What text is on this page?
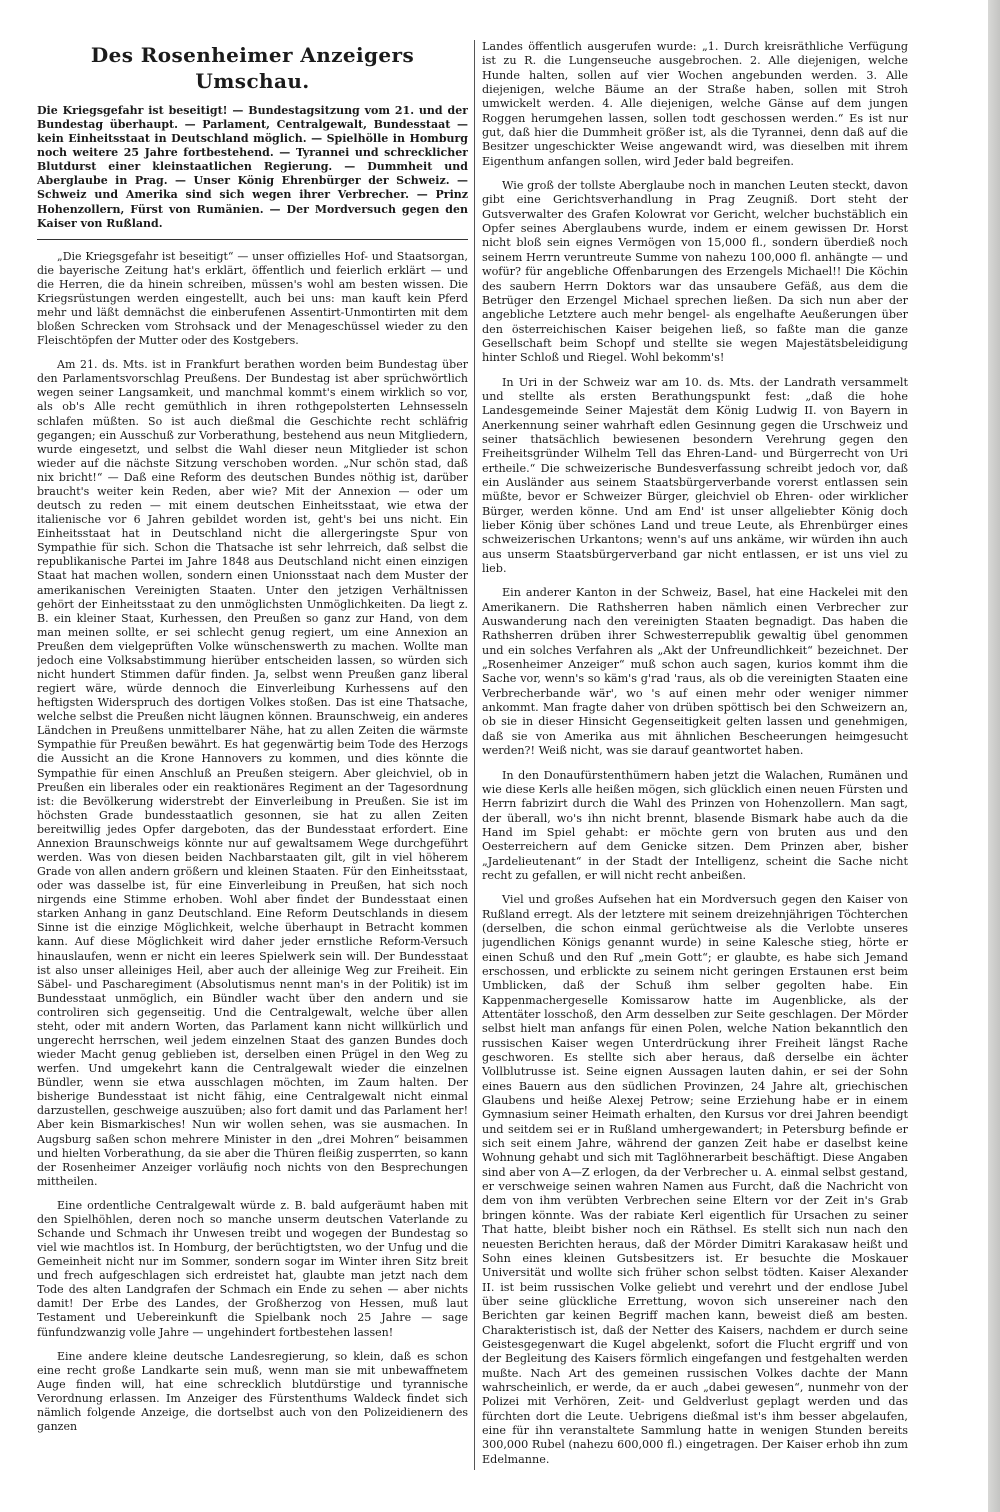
Des Rosenheimer Anzeigers Umschau.
Die Kriegsgefahr ist beseitigt! — Bundestagsitzung vom 21. und der Bundestag überhaupt. — Parlament, Centralgewalt, Bundesstaat — kein Einheitsstaat in Deutschland möglich. — Spielhölle in Homburg noch weitere 25 Jahre fortbestehend. — Tyrannei und schrecklicher Blutdurst einer kleinstaatlichen Regierung. — Dummheit und Aberglaube in Prag. — Unser König Ehrenbürger der Schweiz. — Schweiz und Amerika sind sich wegen ihrer Verbrecher. — Prinz Hohenzollern, Fürst von Rumänien. — Der Mordversuch gegen den Kaiser von Rußland.

„Die Kriegsgefahr ist beseitigt“ — unser offizielles Hof- und Staatsorgan, die bayerische Zeitung hat's erklärt, öffentlich und feierlich erklärt — und die Herren, die da hinein schreiben, müssen's wohl am besten wissen. Die Kriegsrüstungen werden eingestellt, auch bei uns: man kauft kein Pferd mehr und läßt demnächst die einberufenen Assentirt-Unmontirten mit dem bloßen Schrecken vom Strohsack und der Menageschüssel wieder zu den Fleischtöpfen der Mutter oder des Kostgebers.

Am 21. ds. Mts. ist in Frankfurt berathen worden beim Bundestag über den Parlamentsvorschlag Preußens. Der Bundestag ist aber sprüchwörtlich wegen seiner Langsamkeit, und manchmal kommt's einem wirklich so vor, als ob's Alle recht gemüthlich in ihren rothgepolsterten Lehnsesseln schlafen müßten. So ist auch dießmal die Geschichte recht schläfrig gegangen; ein Ausschuß zur Vorberathung, bestehend aus neun Mitgliedern, wurde eingesetzt, und selbst die Wahl dieser neun Mitglieder ist schon wieder auf die nächste Sitzung verschoben worden. „Nur schön stad, daß nix bricht!“ — Daß eine Reform des deutschen Bundes nöthig ist, darüber braucht's weiter kein Reden, aber wie? Mit der Annexion — oder um deutsch zu reden — mit einem deutschen Einheitsstaat, wie etwa der italienische vor 6 Jahren gebildet worden ist, geht's bei uns nicht. Ein Einheitsstaat hat in Deutschland nicht die allergeringste Spur von Sympathie für sich. Schon die Thatsache ist sehr lehrreich, daß selbst die republikanische Partei im Jahre 1848 aus Deutschland nicht einen einzigen Staat hat machen wollen, sondern einen Unionsstaat nach dem Muster der amerikanischen Vereinigten Staaten. Unter den jetzigen Verhältnissen gehört der Einheitsstaat zu den unmöglichsten Unmöglichkeiten. Da liegt z. B. ein kleiner Staat, Kurhessen, den Preußen so ganz zur Hand, von dem man meinen sollte, er sei schlecht genug regiert, um eine Annexion an Preußen dem vielgeprüften Volke wünschenswerth zu machen. Wollte man jedoch eine Volksabstimmung hierüber entscheiden lassen, so würden sich nicht hundert Stimmen dafür finden. Ja, selbst wenn Preußen ganz liberal regiert wäre, würde dennoch die Einverleibung Kurhessens auf den heftigsten Widerspruch des dortigen Volkes stoßen. Das ist eine Thatsache, welche selbst die Preußen nicht läugnen können. Braunschweig, ein anderes Ländchen in Preußens unmittelbarer Nähe, hat zu allen Zeiten die wärmste Sympathie für Preußen bewährt. Es hat gegenwärtig beim Tode des Herzogs die Aussicht an die Krone Hannovers zu kommen, und dies könnte die Sympathie für einen Anschluß an Preußen steigern. Aber gleichviel, ob in Preußen ein liberales oder ein reaktionäres Regiment an der Tagesordnung ist: die Bevölkerung widerstrebt der Einverleibung in Preußen. Sie ist im höchsten Grade bundesstaatlich gesonnen, sie hat zu allen Zeiten bereitwillig jedes Opfer dargeboten, das der Bundesstaat erfordert. Eine Annexion Braunschweigs könnte nur auf gewaltsamem Wege durchgeführt werden. Was von diesen beiden Nachbarstaaten gilt, gilt in viel höherem Grade von allen andern größern und kleinen Staaten. Für den Einheitsstaat, oder was dasselbe ist, für eine Einverleibung in Preußen, hat sich noch nirgends eine Stimme erhoben. Wohl aber findet der Bundesstaat einen starken Anhang in ganz Deutschland. Eine Reform Deutschlands in diesem Sinne ist die einzige Möglichkeit, welche überhaupt in Betracht kommen kann. Auf diese Möglichkeit wird daher jeder ernstliche Reform-Versuch hinauslaufen, wenn er nicht ein leeres Spielwerk sein will. Der Bundesstaat ist also unser alleiniges Heil, aber auch der alleinige Weg zur Freiheit. Ein Säbel- und Pascharegiment (Absolutismus nennt man's in der Politik) ist im Bundesstaat unmöglich, ein Bündler wacht über den andern und sie controliren sich gegenseitig. Und die Centralgewalt, welche über allen steht, oder mit andern Worten, das Parlament kann nicht willkürlich und ungerecht herrschen, weil jedem einzelnen Staat des ganzen Bundes doch wieder Macht genug geblieben ist, derselben einen Prügel in den Weg zu werfen. Und umgekehrt kann die Centralgewalt wieder die einzelnen Bündler, wenn sie etwa ausschlagen möchten, im Zaum halten. Der bisherige Bundesstaat ist nicht fähig, eine Centralgewalt nicht einmal darzustellen, geschweige auszuüben; also fort damit und das Parlament her! Aber kein Bismarkisches! Nun wir wollen sehen, was sie ausmachen. In Augsburg saßen schon mehrere Minister in den „drei Mohren“ beisammen und hielten Vorberathung, da sie aber die Thüren fleißig zusperrten, so kann der Rosenheimer Anzeiger vorläufig noch nichts von den Besprechungen mittheilen.

Eine ordentliche Centralgewalt würde z. B. bald aufgeräumt haben mit den Spielhöhlen, deren noch so manche unserm deutschen Vaterlande zu Schande und Schmach ihr Unwesen treibt und wogegen der Bundestag so viel wie machtlos ist. In Homburg, der berüchtigtsten, wo der Unfug und die Gemeinheit nicht nur im Sommer, sondern sogar im Winter ihren Sitz breit und frech aufgeschlagen sich erdreistet hat, glaubte man jetzt nach dem Tode des alten Landgrafen der Schmach ein Ende zu sehen — aber nichts damit! Der Erbe des Landes, der Großherzog von Hessen, muß laut Testament und Uebereinkunft die Spielbank noch 25 Jahre — sage fünfundzwanzig volle Jahre — ungehindert fortbestehen lassen!

Eine andere kleine deutsche Landesregierung, so klein, daß es schon eine recht große Landkarte sein muß, wenn man sie mit unbewaffnetem Auge finden will, hat eine schrecklich blutdürstige und tyrannische Verordnung erlassen. Im Anzeiger des Fürstenthums Waldeck findet sich nämlich folgende Anzeige, die dortselbst auch von den Polizeidienern des ganzen

Landes öffentlich ausgerufen wurde: „1. Durch kreisräthliche Verfügung ist zu R. die Lungenseuche ausgebrochen. 2. Alle diejenigen, welche Hunde halten, sollen auf vier Wochen angebunden werden. 3. Alle diejenigen, welche Bäume an der Straße haben, sollen mit Stroh umwickelt werden. 4. Alle diejenigen, welche Gänse auf dem jungen Roggen herumgehen lassen, sollen todt geschossen werden.“ Es ist nur gut, daß hier die Dummheit größer ist, als die Tyrannei, denn daß auf die Besitzer ungeschickter Weise angewandt wird, was dieselben mit ihrem Eigenthum anfangen sollen, wird Jeder bald begreifen.

Wie groß der tollste Aberglaube noch in manchen Leuten steckt, davon gibt eine Gerichtsverhandlung in Prag Zeugniß. Dort steht der Gutsverwalter des Grafen Kolowrat vor Gericht, welcher buchstäblich ein Opfer seines Aberglaubens wurde, indem er einem gewissen Dr. Horst nicht bloß sein eignes Vermögen von 15,000 fl., sondern überdieß noch seinem Herrn veruntreute Summe von nahezu 100,000 fl. anhängte — und wofür? für angebliche Offenbarungen des Erzengels Michael!! Die Köchin des saubern Herrn Doktors war das unsaubere Gefäß, aus dem die Betrüger den Erzengel Michael sprechen ließen. Da sich nun aber der angebliche Letztere auch mehr bengel- als engelhafte Aeußerungen über den österreichischen Kaiser beigehen ließ, so faßte man die ganze Gesellschaft beim Schopf und stellte sie wegen Majestätsbeleidigung hinter Schloß und Riegel. Wohl bekomm's!

In Uri in der Schweiz war am 10. ds. Mts. der Landrath versammelt und stellte als ersten Berathungspunkt fest: „daß die hohe Landesgemeinde Seiner Majestät dem König Ludwig II. von Bayern in Anerkennung seiner wahrhaft edlen Gesinnung gegen die Urschweiz und seiner thatsächlich bewiesenen besondern Verehrung gegen den Freiheitsgründer Wilhelm Tell das Ehren-Land- und Bürgerrecht von Uri ertheile.“ Die schweizerische Bundesverfassung schreibt jedoch vor, daß ein Ausländer aus seinem Staatsbürgerverbande vorerst entlassen sein müßte, bevor er Schweizer Bürger, gleichviel ob Ehren- oder wirklicher Bürger, werden könne. Und am End' ist unser allgeliebter König doch lieber König über schönes Land und treue Leute, als Ehrenbürger eines schweizerischen Urkantons; wenn's auf uns ankäme, wir würden ihn auch aus unserm Staatsbürgerverband gar nicht entlassen, er ist uns viel zu lieb.

Ein anderer Kanton in der Schweiz, Basel, hat eine Hackelei mit den Amerikanern. Die Rathsherren haben nämlich einen Verbrecher zur Auswanderung nach den vereinigten Staaten begnadigt. Das haben die Rathsherren drüben ihrer Schwesterrepublik gewaltig übel genommen und ein solches Verfahren als „Akt der Unfreundlichkeit“ bezeichnet. Der „Rosenheimer Anzeiger“ muß schon auch sagen, kurios kommt ihm die Sache vor, wenn's so käm's g'rad 'raus, als ob die vereinigten Staaten eine Verbrecherbande wär', wo 's auf einen mehr oder weniger nimmer ankommt. Man fragte daher von drüben spöttisch bei den Schweizern an, ob sie in dieser Hinsicht Gegenseitigkeit gelten lassen und genehmigen, daß sie von Amerika aus mit ähnlichen Bescheerungen heimgesucht werden?! Weiß nicht, was sie darauf geantwortet haben.

In den Donaufürstenthümern haben jetzt die Walachen, Rumänen und wie diese Kerls alle heißen mögen, sich glücklich einen neuen Fürsten und Herrn fabrizirt durch die Wahl des Prinzen von Hohenzollern. Man sagt, der überall, wo's ihn nicht brennt, blasende Bismark habe auch da die Hand im Spiel gehabt: er möchte gern von bruten aus und den Oesterreichern auf dem Genicke sitzen. Dem Prinzen aber, bisher „Jardelieutenant“ in der Stadt der Intelligenz, scheint die Sache nicht recht zu gefallen, er will nicht recht anbeißen.

Viel und großes Aufsehen hat ein Mordversuch gegen den Kaiser von Rußland erregt. Als der letztere mit seinem dreizehnjährigen Töchterchen (derselben, die schon einmal gerüchtweise als die Verlobte unseres jugendlichen Königs genannt wurde) in seine Kalesche stieg, hörte er einen Schuß und den Ruf „mein Gott“; er glaubte, es habe sich Jemand erschossen, und erblickte zu seinem nicht geringen Erstaunen erst beim Umblicken, daß der Schuß ihm selber gegolten habe. Ein Kappenmachergeselle Komissarow hatte im Augenblicke, als der Attentäter losschoß, den Arm desselben zur Seite geschlagen. Der Mörder selbst hielt man anfangs für einen Polen, welche Nation bekanntlich den russischen Kaiser wegen Unterdrückung ihrer Freiheit längst Rache geschworen. Es stellte sich aber heraus, daß derselbe ein ächter Vollblutrusse ist. Seine eignen Aussagen lauten dahin, er sei der Sohn eines Bauern aus den südlichen Provinzen, 24 Jahre alt, griechischen Glaubens und heiße Alexej Petrow; seine Erziehung habe er in einem Gymnasium seiner Heimath erhalten, den Kursus vor drei Jahren beendigt und seitdem sei er in Rußland umhergewandert; in Petersburg befinde er sich seit einem Jahre, während der ganzen Zeit habe er daselbst keine Wohnung gehabt und sich mit Taglöhnerarbeit beschäftigt. Diese Angaben sind aber von A—Z erlogen, da der Verbrecher u. A. einmal selbst gestand, er verschweige seinen wahren Namen aus Furcht, daß die Nachricht von dem von ihm verübten Verbrechen seine Eltern vor der Zeit in's Grab bringen könnte. Was der rabiate Kerl eigentlich für Ursachen zu seiner That hatte, bleibt bisher noch ein Räthsel. Es stellt sich nun nach den neuesten Berichten heraus, daß der Mörder Dimitri Karakasaw heißt und Sohn eines kleinen Gutsbesitzers ist. Er besuchte die Moskauer Universität und wollte sich früher schon selbst tödten. Kaiser Alexander II. ist beim russischen Volke geliebt und verehrt und der endlose Jubel über seine glückliche Errettung, wovon sich unsereiner nach den Berichten gar keinen Begriff machen kann, beweist dieß am besten. Charakteristisch ist, daß der Netter des Kaisers, nachdem er durch seine Geistesgegenwart die Kugel abgelenkt, sofort die Flucht ergriff und von der Begleitung des Kaisers förmlich eingefangen und festgehalten werden mußte. Nach Art des gemeinen russischen Volkes dachte der Mann wahrscheinlich, er werde, da er auch „dabei gewesen“, nunmehr von der Polizei mit Verhören, Zeit- und Geldverlust geplagt werden und das fürchten dort die Leute. Uebrigens dießmal ist's ihm besser abgelaufen, eine für ihn veranstaltete Sammlung hatte in wenigen Stunden bereits 300,000 Rubel (nahezu 600,000 fl.) eingetragen. Der Kaiser erhob ihn zum Edelmanne.
